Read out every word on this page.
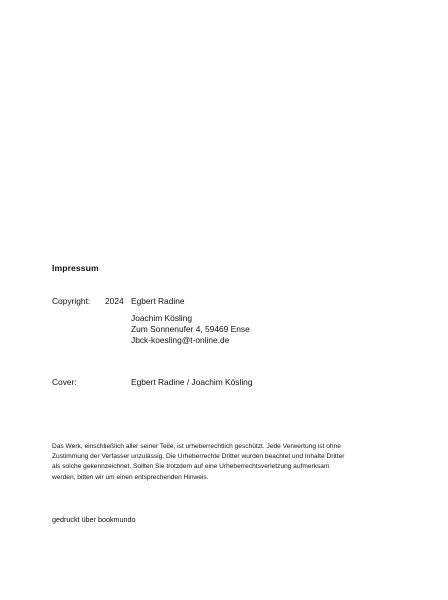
Impressum
Copyright: 2024 Egbert Radine
Joachim Kösling
Zum Sonnenufer 4, 59469 Ense
Jbck-koesling@t-online.de
Cover:	Egbert Radine / Joachim Kösling
Das Werk, einschließlich aller seiner Teile, ist urheberrechtlich geschützt. Jede Verwertung ist ohne
Zustimmung der Verfasser unzulässig. Die Urheberrechte Dritter wurden beachtet und Inhalte Dritter
als solche gekennzeichnet. Sollten Sie trotzdem auf eine Urheberrechtsverletzung aufmerksam
werden, bitten wir um einen entsprechenden Hinweis.
gedruckt über bookmundo
